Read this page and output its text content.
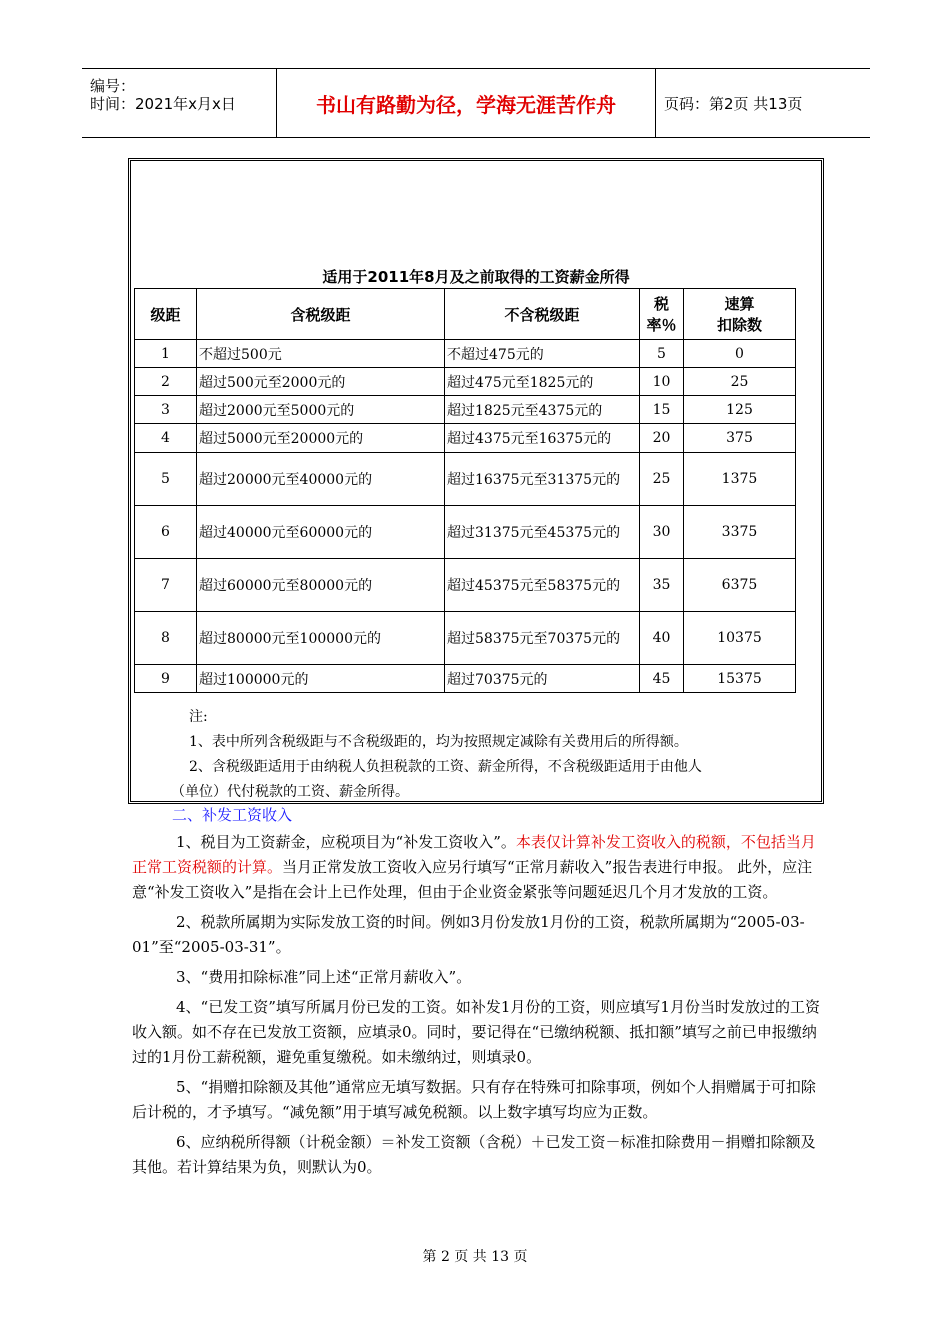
编号：
时间：2021年x月x日	书山有路勤为径，学海无涯苦作舟	页码：第2页 共13页
适用于2011年8月及之前取得的工资薪金所得
级距	含税级距	不含税级距	税率％	速算
扣除数

1	不超过500元	不超过475元的	5	0
2	超过500元至2000元的	超过475元至1825元的	10	25
3	超过2000元至5000元的	超过1825元至4375元的	15	125
4	超过5000元至20000元的	超过4375元至16375元的	20	375
5	超过20000元至40000元的	超过16375元至31375元的	25	1375
6	超过40000元至60000元的	超过31375元至45375元的	30	3375
7	超过60000元至80000元的	超过45375元至58375元的	35	6375
8	超过80000元至100000元的	超过58375元至70375元的	40	10375
9	超过100000元的	超过70375元的	45	15375
注:
1、表中所列含税级距与不含税级距的，均为按照规定减除有关费用后的所得额。
2、含税级距适用于由纳税人负担税款的工资、薪金所得，不含税级距适用于由他人
（单位）代付税款的工资、薪金所得。
二、补发工资收入

1、税目为工资薪金，应税项目为“补发工资收入”。本表仅计算补发工资收入的税额，不包括当月正常工资税额的计算。当月正常发放工资收入应另行填写“正常月薪收入”报告表进行申报。 此外，应注意“补发工资收入”是指在会计上已作处理，但由于企业资金紧张等问题延迟几个月才发放的工资。

2、税款所属期为实际发放工资的时间。例如3月份发放1月份的工资，税款所属期为“2005-03-01”至“2005-03-31”。

3、“费用扣除标准”同上述“正常月薪收入”。

4、“已发工资”填写所属月份已发的工资。如补发1月份的工资，则应填写1月份当时发放过的工资收入额。如不存在已发放工资额，应填录0。同时，要记得在“已缴纳税额、抵扣额”填写之前已申报缴纳过的1月份工薪税额，避免重复缴税。如未缴纳过，则填录0。

5、“捐赠扣除额及其他”通常应无填写数据。只有存在特殊可扣除事项，例如个人捐赠属于可扣除后计税的，才予填写。“减免额”用于填写减免税额。以上数字填写均应为正数。

6、应纳税所得额（计税金额）＝补发工资额（含税）＋已发工资－标准扣除费用－捐赠扣除额及其他。若计算结果为负，则默认为0。

第 2 页 共 13 页
